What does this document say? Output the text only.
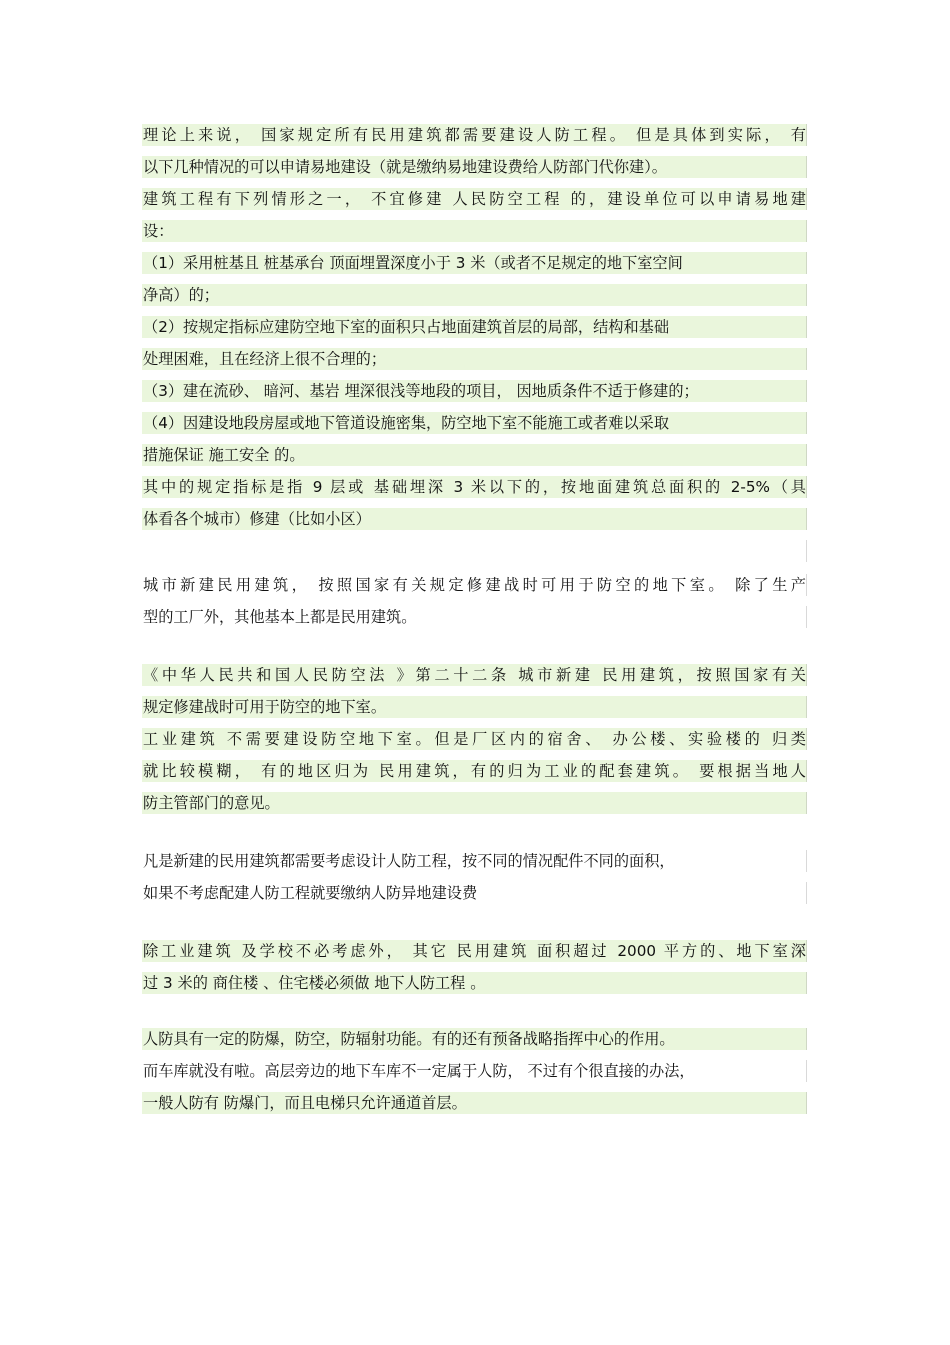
理论上来说， 国家规定所有民用建筑都需要建设人防工程。 但是具体到实际， 有
以下几种情况的可以申请易地建设（就是缴纳易地建设费给人防部门代你建）。
建筑工程有下列情形之一， 不宜修建 人民防空工程 的，建设单位可以申请易地建
设：
（1）采用桩基且 桩基承台 顶面埋置深度小于 3 米（或者不足规定的地下室空间
净高）的；
（2）按规定指标应建防空地下室的面积只占地面建筑首层的局部，结构和基础
处理困难，且在经济上很不合理的；
（3）建在流砂、 暗河、基岩 埋深很浅等地段的项目， 因地质条件不适于修建的；
（4）因建设地段房屋或地下管道设施密集，防空地下室不能施工或者难以采取
措施保证 施工安全 的。
其中的规定指标是指 9 层或 基础埋深 3 米以下的，按地面建筑总面积的 2-5%（具
体看各个城市）修建（比如小区）
城市新建民用建筑， 按照国家有关规定修建战时可用于防空的地下室。 除了生产
型的工厂外，其他基本上都是民用建筑。
《中华人民共和国人民防空法 》第二十二条 城市新建 民用建筑，按照国家有关
规定修建战时可用于防空的地下室。
工业建筑 不需要建设防空地下室。但是厂区内的宿舍、 办公楼、实验楼的 归类
就比较模糊， 有的地区归为 民用建筑，有的归为工业的配套建筑。 要根据当地人
防主管部门的意见。
凡是新建的民用建筑都需要考虑设计人防工程，按不同的情况配件不同的面积，
如果不考虑配建人防工程就要缴纳人防异地建设费
除工业建筑 及学校不必考虑外， 其它 民用建筑 面积超过 2000 平方的、地下室深
过 3 米的 商住楼 、住宅楼必须做 地下人防工程 。
人防具有一定的防爆，防空，防辐射功能。有的还有预备战略指挥中心的作用。
而车库就没有啦。高层旁边的地下车库不一定属于人防， 不过有个很直接的办法，
一般人防有 防爆门，而且电梯只允许通道首层。
